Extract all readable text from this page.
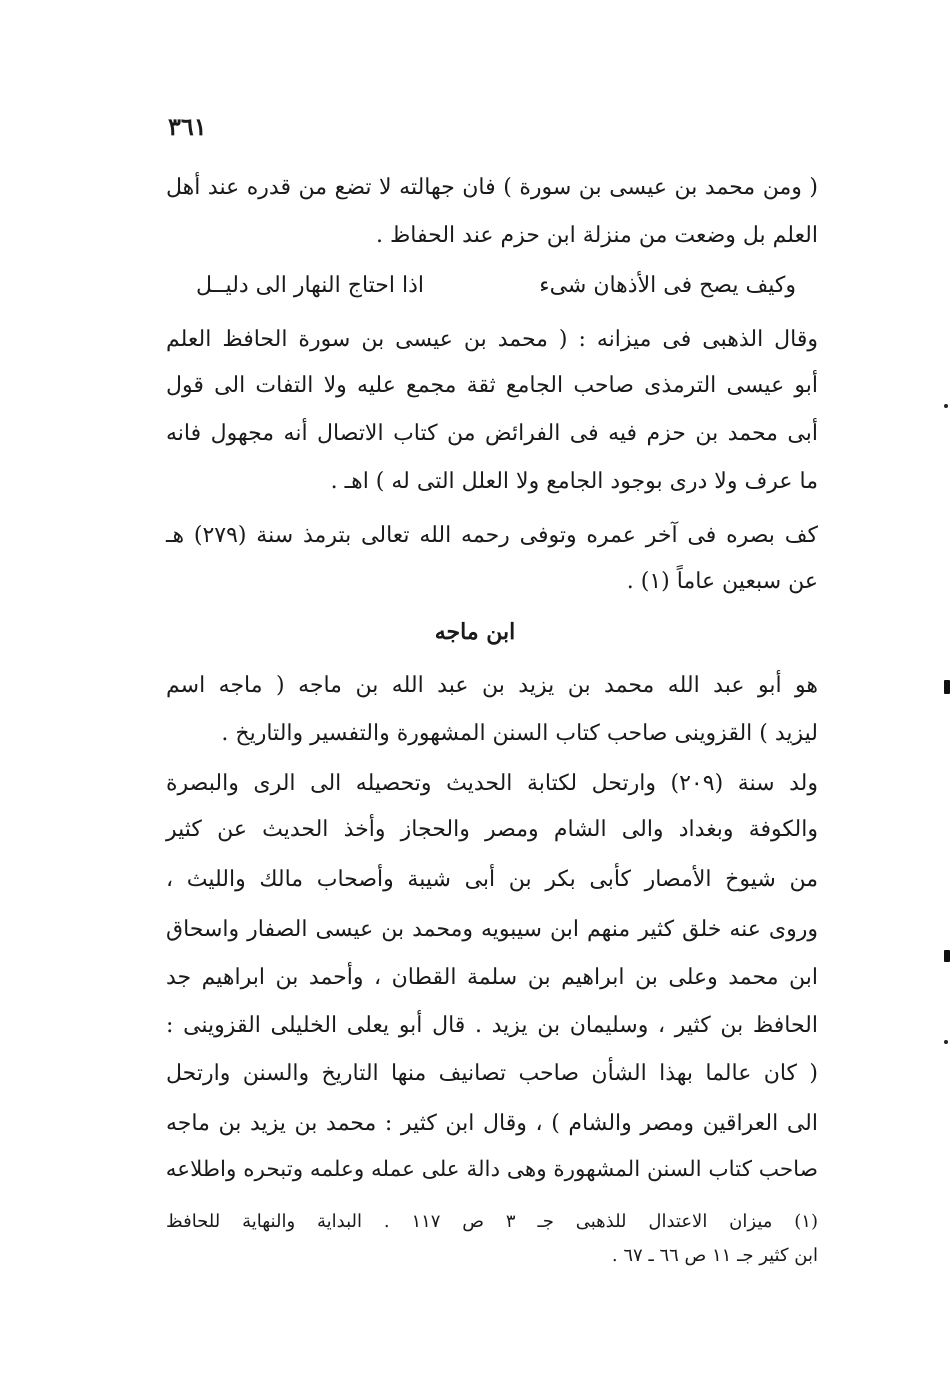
٣٦١
( ومن محمد بن عيسى بن سورة ) فان جهالته لا تضع من قدره عند أهل
العلم بل وضعت من منزلة ابن حزم عند الحفاظ .
وكيف يصح فى الأذهان شىء
اذا احتاج النهار الى دليــل
وقال الذهبى فى ميزانه : ( محمد بن عيسى بن سورة الحافظ العلم
أبو عيسى الترمذى صاحب الجامع ثقة مجمع عليه ولا التفات الى قول
أبى محمد بن حزم فيه فى الفرائض من كتاب الاتصال أنه مجهول فانه
ما عرف ولا درى بوجود الجامع ولا العلل التى له ) اهـ .
كف بصره فى آخر عمره وتوفى رحمه الله تعالى بترمذ سنة (٢٧٩) هـ
عن سبعين عاماً (١) .
ابن ماجه
هو أبو عبد الله محمد بن يزيد بن عبد الله بن ماجه ( ماجه اسم
ليزيد ) القزوينى صاحب كتاب السنن المشهورة والتفسير والتاريخ .
ولد سنة (٢٠٩) وارتحل لكتابة الحديث وتحصيله الى الرى والبصرة
والكوفة وبغداد والى الشام ومصر والحجاز وأخذ الحديث عن كثير
من شيوخ الأمصار كأبى بكر بن أبى شيبة وأصحاب مالك والليث ،
وروى عنه خلق كثير منهم ابن سيبويه ومحمد بن عيسى الصفار واسحاق
ابن محمد وعلى بن ابراهيم بن سلمة القطان ، وأحمد بن ابراهيم جد
الحافظ بن كثير ، وسليمان بن يزيد . قال أبو يعلى الخليلى القزوينى :
( كان عالما بهذا الشأن صاحب تصانيف منها التاريخ والسنن وارتحل
الى العراقين ومصر والشام ) ، وقال ابن كثير : محمد بن يزيد بن ماجه
صاحب كتاب السنن المشهورة وهى دالة على عمله وعلمه وتبحره واطلاعه
(١) ميزان الاعتدال للذهبى جـ ٣ ص ١١٧ . البداية والنهاية للحافظ
ابن كثير جـ ١١ ص ٦٦ ـ ٦٧ .
